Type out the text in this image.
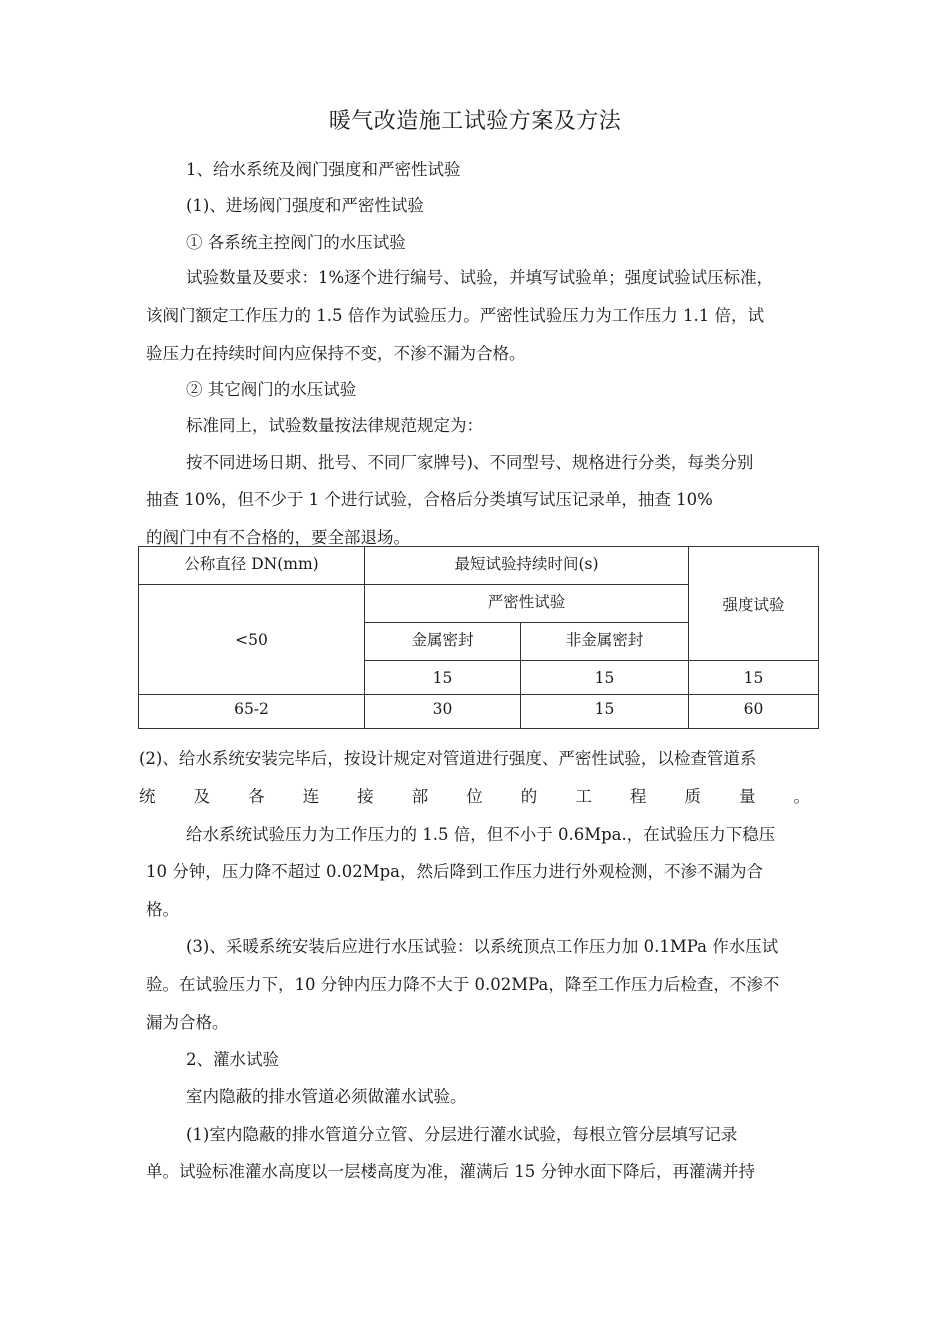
暖气改造施工试验方案及方法
1、给水系统及阀门强度和严密性试验
(1)、进场阀门强度和严密性试验
① 各系统主控阀门的水压试验
试验数量及要求：1%逐个进行编号、试验，并填写试验单；强度试验试压标准，
该阀门额定工作压力的 1.5 倍作为试验压力。严密性试验压力为工作压力 1.1 倍，试
验压力在持续时间内应保持不变，不渗不漏为合格。
② 其它阀门的水压试验
标准同上，试验数量按法律规范规定为：
按不同进场日期、批号、不同厂家牌号)、不同型号、规格进行分类，每类分别
抽查 10%，但不少于 1 个进行试验，合格后分类填写试压记录单，抽查 10%
的阀门中有不合格的，要全部退场。
公称直径 DN(mm)	最短试验持续时间(s)		强度试验
<50	严密性试验		
	金属密封	非金属密封	
	15	15	15
65-2	30	15	60
(2)、给水系统安装完毕后，按设计规定对管道进行强度、严密性试验，以检查管道系
统及各连接部位的工程质量。
给水系统试验压力为工作压力的 1.5 倍，但不小于 0.6Mpa.，在试验压力下稳压
10 分钟，压力降不超过 0.02Mpa，然后降到工作压力进行外观检测，不渗不漏为合
格。
(3)、采暖系统安装后应进行水压试验：以系统顶点工作压力加 0.1MPa 作水压试
验。在试验压力下，10 分钟内压力降不大于 0.02MPa，降至工作压力后检查，不渗不
漏为合格。
2、灌水试验
室内隐蔽的排水管道必须做灌水试验。
(1)室内隐蔽的排水管道分立管、分层进行灌水试验，每根立管分层填写记录
单。试验标准灌水高度以一层楼高度为准，灌满后 15 分钟水面下降后，再灌满并持
